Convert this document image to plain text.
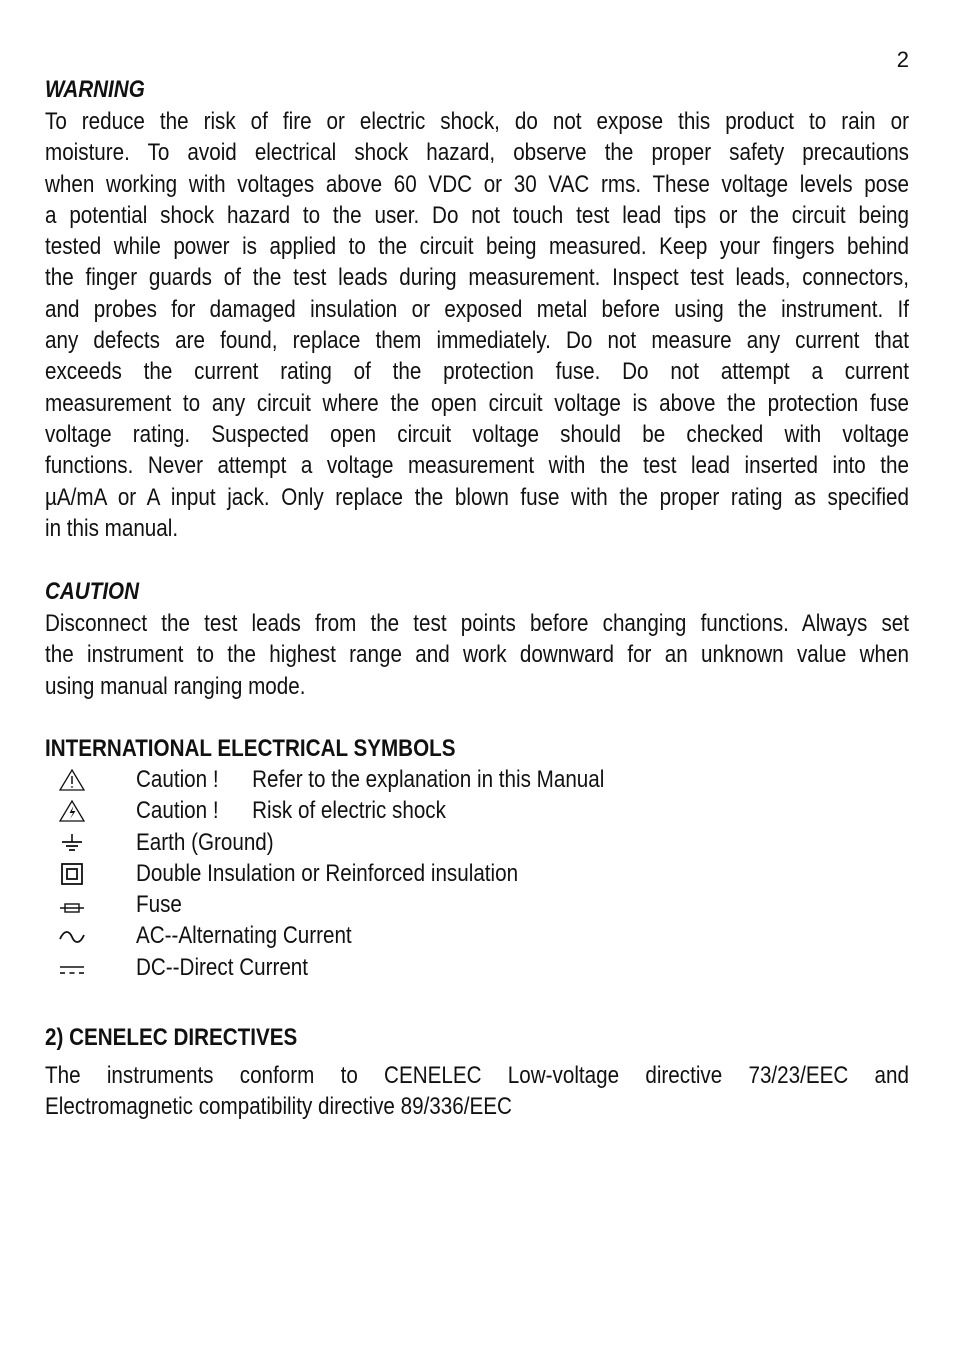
2
WARNING
To reduce the risk of fire or electric shock, do not expose this product to rain or
moisture. To avoid electrical shock hazard, observe the proper safety precautions
when working with voltages above 60 VDC or 30 VAC rms. These voltage levels pose
a potential shock hazard to the user. Do not touch test lead tips or the circuit being
tested while power is applied to the circuit being measured. Keep your fingers behind
the finger guards of the test leads during measurement. Inspect test leads, connectors,
and probes for damaged insulation or exposed metal before using the instrument. If
any defects are found, replace them immediately. Do not measure any current that
exceeds the current rating of the protection fuse. Do not attempt a current
measurement to any circuit where the open circuit voltage is above the protection fuse
voltage rating. Suspected open circuit voltage should be checked with voltage
functions. Never attempt a voltage measurement with the test lead inserted into the
µA/mA or A input jack. Only replace the blown fuse with the proper rating as specified
in this manual.
CAUTION
Disconnect the test leads from the test points before changing functions. Always set
the instrument to the highest range and work downward for an unknown value when
using manual ranging mode.
INTERNATIONAL ELECTRICAL SYMBOLS
Caution ! Refer to the explanation in this Manual
Caution ! Risk of electric shock
Earth (Ground)
Double Insulation or Reinforced insulation
Fuse
AC--Alternating Current
DC--Direct Current
2) CENELEC DIRECTIVES
The instruments conform to CENELEC Low-voltage directive 73/23/EEC and
Electromagnetic compatibility directive 89/336/EEC
